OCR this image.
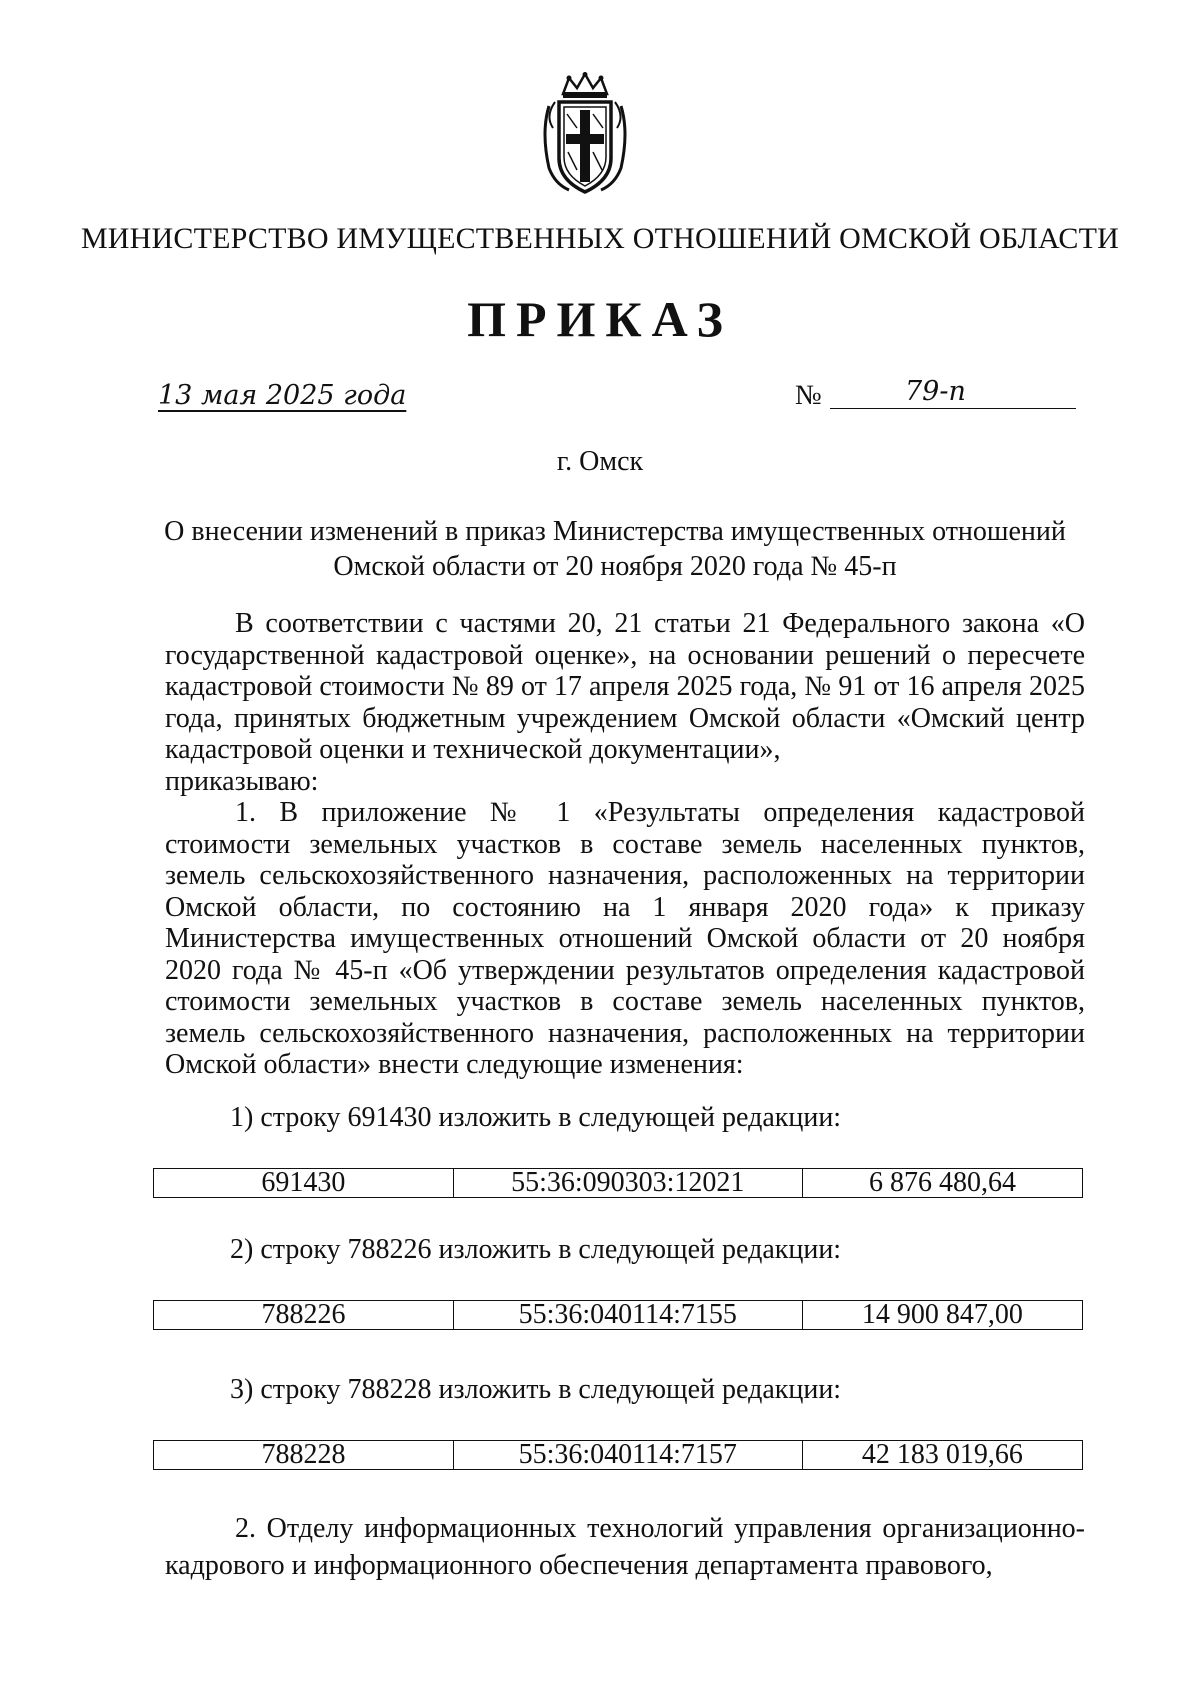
МИНИСТЕРСТВО ИМУЩЕСТВЕННЫХ ОТНОШЕНИЙ ОМСКОЙ ОБЛАСТИ
ПРИКАЗ
13 мая 2025 года	№	79-п
г. Омск
О внесении изменений в приказ Министерства имущественных отношений
Омской области от 20 ноября 2020 года № 45-п

В соответствии с частями 20, 21 статьи 21 Федерального закона «О государственной кадастровой оценке», на основании решений о пересчете кадастровой стоимости № 89 от 17 апреля 2025 года, № 91 от 16 апреля 2025 года, принятых бюджетным учреждением Омской области «Омский центр кадастровой оценки и технической документации»,

приказываю:

1. В приложение № 1 «Результаты определения кадастровой стоимости земельных участков в составе земель населенных пунктов, земель сельскохозяйственного назначения, расположенных на территории Омской области, по состоянию на 1 января 2020 года» к приказу Министерства имущественных отношений Омской области от 20 ноября 2020 года № 45-п «Об утверждении результатов определения кадастровой стоимости земельных участков в составе земель населенных пунктов, земель сельскохозяйственного назначения, расположенных на территории Омской области» внести следующие изменения:

1) строку 691430 изложить в следующей редакции:
691430	55:36:090303:12021	6 876 480,64
2) строку 788226 изложить в следующей редакции:
788226	55:36:040114:7155	14 900 847,00
3) строку 788228 изложить в следующей редакции:
788228	55:36:040114:7157	42 183 019,66

2. Отделу информационных технологий управления организационно-кадрового и информационного обеспечения департамента правового,
